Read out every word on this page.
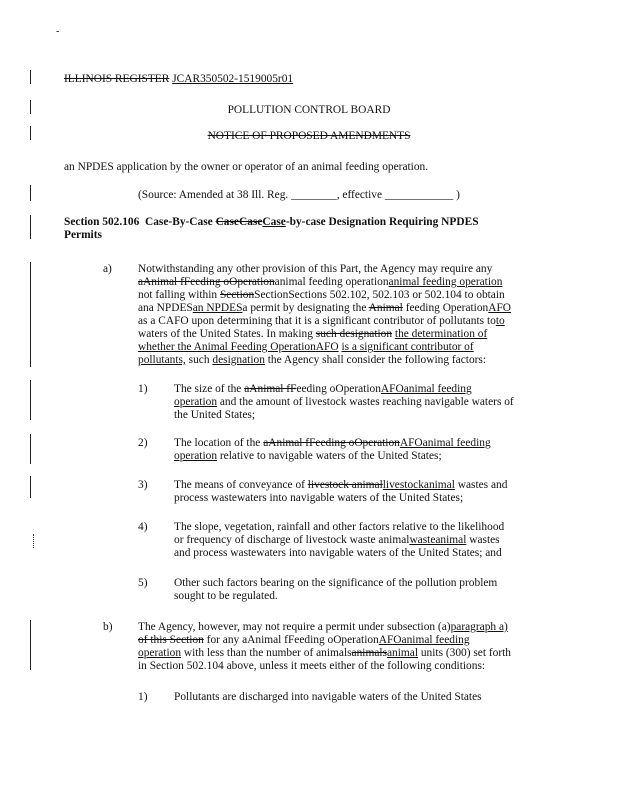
-
ILLINOIS REGISTER JCAR350502-1519005r01
POLLUTION CONTROL BOARD
NOTICE OF PROPOSED AMENDMENTS
an NPDES application by the owner or operator of an animal feeding operation.
(Source: Amended at 38 Ill. Reg. ________, effective ____________ )
Section 502.106 Case-By-Case CaseCaseCase-by-case Designation Requiring NPDES
Permits
a) Notwithstanding any other provision of this Part, the Agency may require any
aAnimal fFeeding oOperationanimal feeding operationanimal feeding operation
not falling within SectionSectionSections 502.102, 502.103 or 502.104 to obtain
ana NPDESan NPDESa permit by designating the Animal feeding OperationAFO
as a CAFO upon determining that it is a significant contributor of pollutants toto
waters of the United States. In making such designation the determination of
whether the Animal Feeding OperationAFO is a significant contributor of
pollutants, such designation the Agency shall consider the following factors:
1) The size of the aAnimal fFeeding oOperationAFOanimal feeding
operation and the amount of livestock wastes reaching navigable waters of
the United States;
2) The location of the aAnimal fFeeding oOperationAFOanimal feeding
operation relative to navigable waters of the United States;
3) The means of conveyance of livestock animallivestockanimal wastes and
process wastewaters into navigable waters of the United States;
4) The slope, vegetation, rainfall and other factors relative to the likelihood
or frequency of discharge of livestock waste animalwasteanimal wastes
and process wastewaters into navigable waters of the United States; and
5) Other such factors bearing on the significance of the pollution problem
sought to be regulated.
b) The Agency, however, may not require a permit under subsection (a)paragraph a)
of this Section for any aAnimal fFeeding oOperationAFOanimal feeding
operation with less than the number of animalsanimalsanimal units (300) set forth
in Section 502.104 above, unless it meets either of the following conditions:
1) Pollutants are discharged into navigable waters of the United States
